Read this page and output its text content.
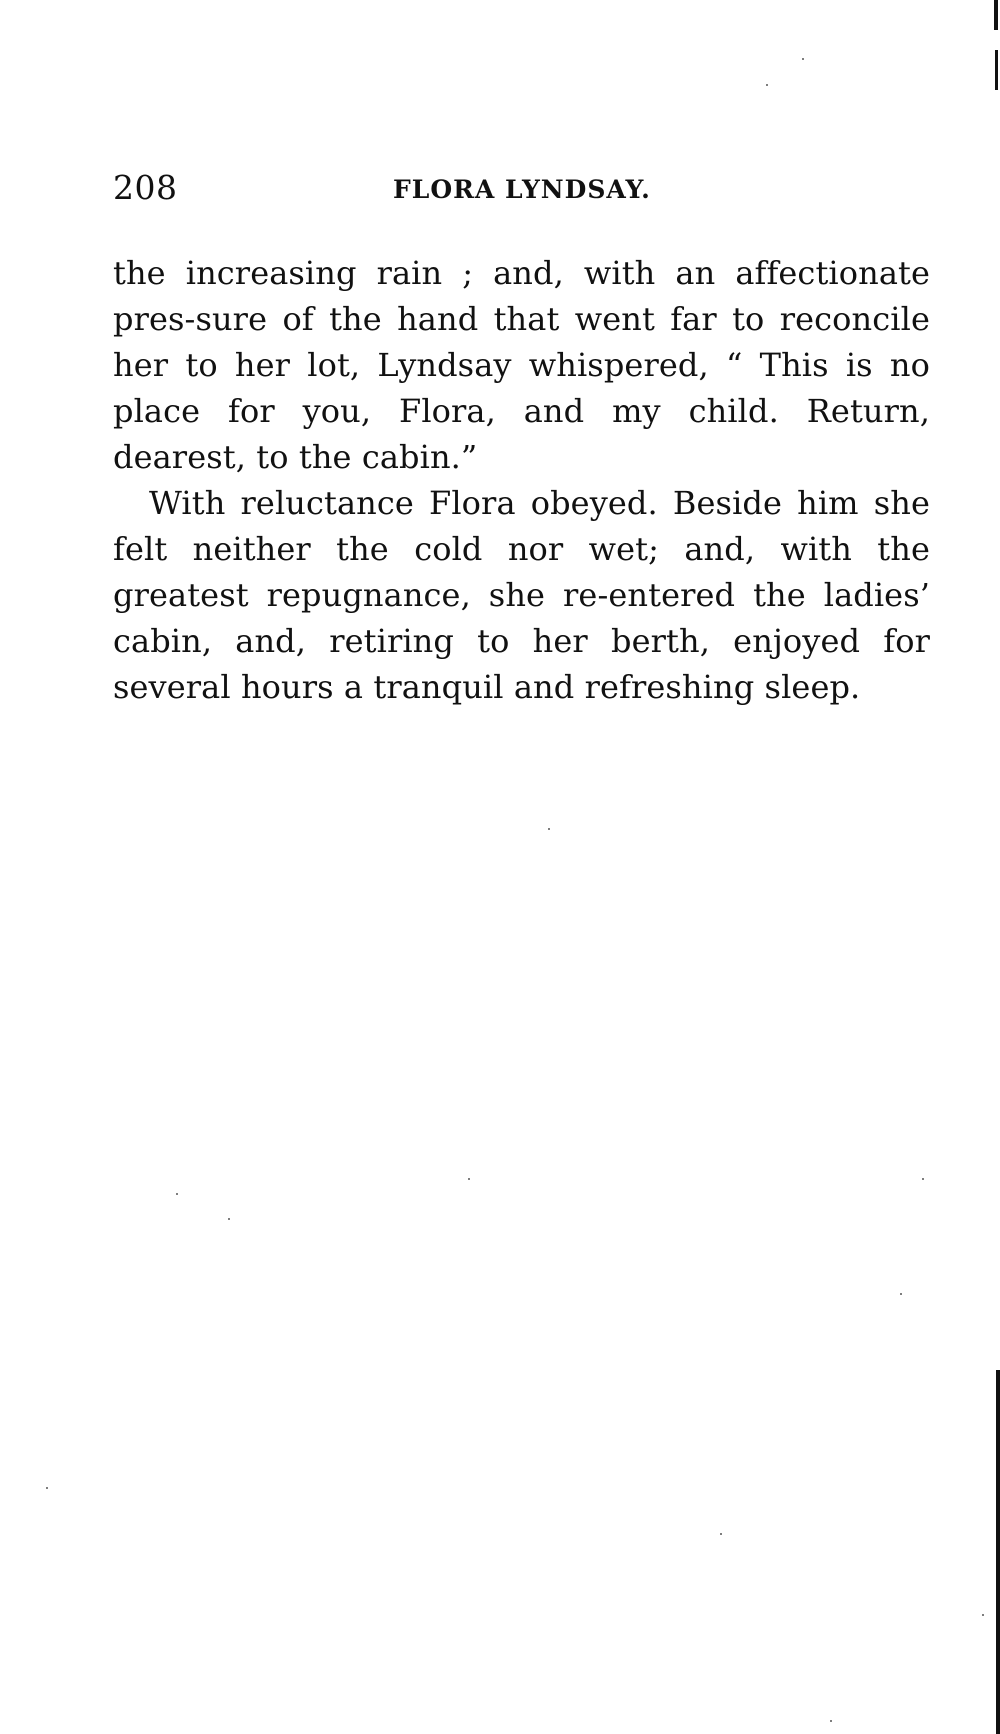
208	FLORA LYNDSAY.

the increasing rain ; and, with an affectionate pres-sure of the hand that went far to reconcile her to her lot, Lyndsay whispered, “ This is no place for you, Flora, and my child. Return, dearest, to the cabin.”

With reluctance Flora obeyed. Beside him she felt neither the cold nor wet; and, with the greatest repugnance, she re-entered the ladies’ cabin, and, retiring to her berth, enjoyed for several hours a tranquil and refreshing sleep.
